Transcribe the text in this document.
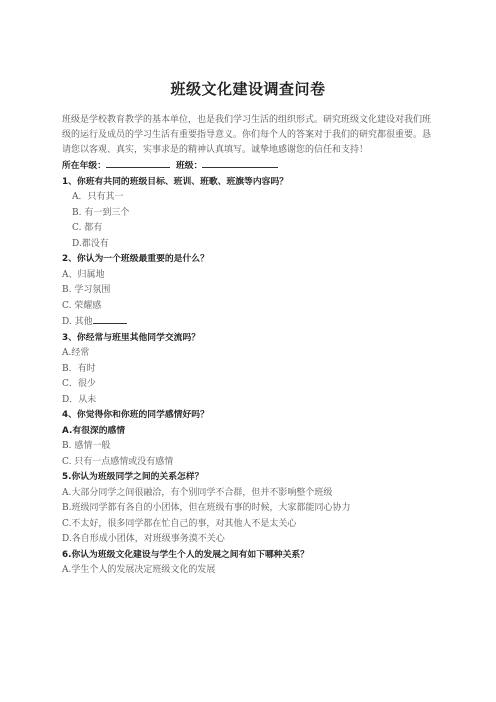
班级文化建设调查问卷

班级是学校教育教学的基本单位，也是我们学习生活的组织形式。研究班级文化建设对我们班级的运行及成员的学习生活有重要指导意义。你们每个人的答案对于我们的研究都很重要。恳请您以客观、真实，实事求是的精神认真填写。诚挚地感谢您的信任和支持！

所在年级：	班级：
1、你班有共同的班级目标、班训、班歌、班旗等内容吗？
A．只有其一
B. 有一到三个
C. 都有
D.都没有
2、你认为一个班级最重要的是什么？
A、归属地
B. 学习氛围
C. 荣耀感
D. 其他
3、你经常与班里其他同学交流吗？
A.经常
B．有时
C．很少
D．从未
4、你觉得你和你班的同学感情好吗？
A.有很深的感情
B. 感情一般
C. 只有一点感情或没有感情
5.你认为班级同学之间的关系怎样？
A.大部分同学之间很融洽，有个别同学不合群，但并不影响整个班级
B.班级同学都有各自的小团体，但在班级有事的时候，大家都能同心协力
C.不太好，很多同学都在忙自己的事，对其他人不是太关心
D.各自形成小团体，对班级事务漠不关心
6.你认为班级文化建设与学生个人的发展之间有如下哪种关系？
A.学生个人的发展决定班级文化的发展
